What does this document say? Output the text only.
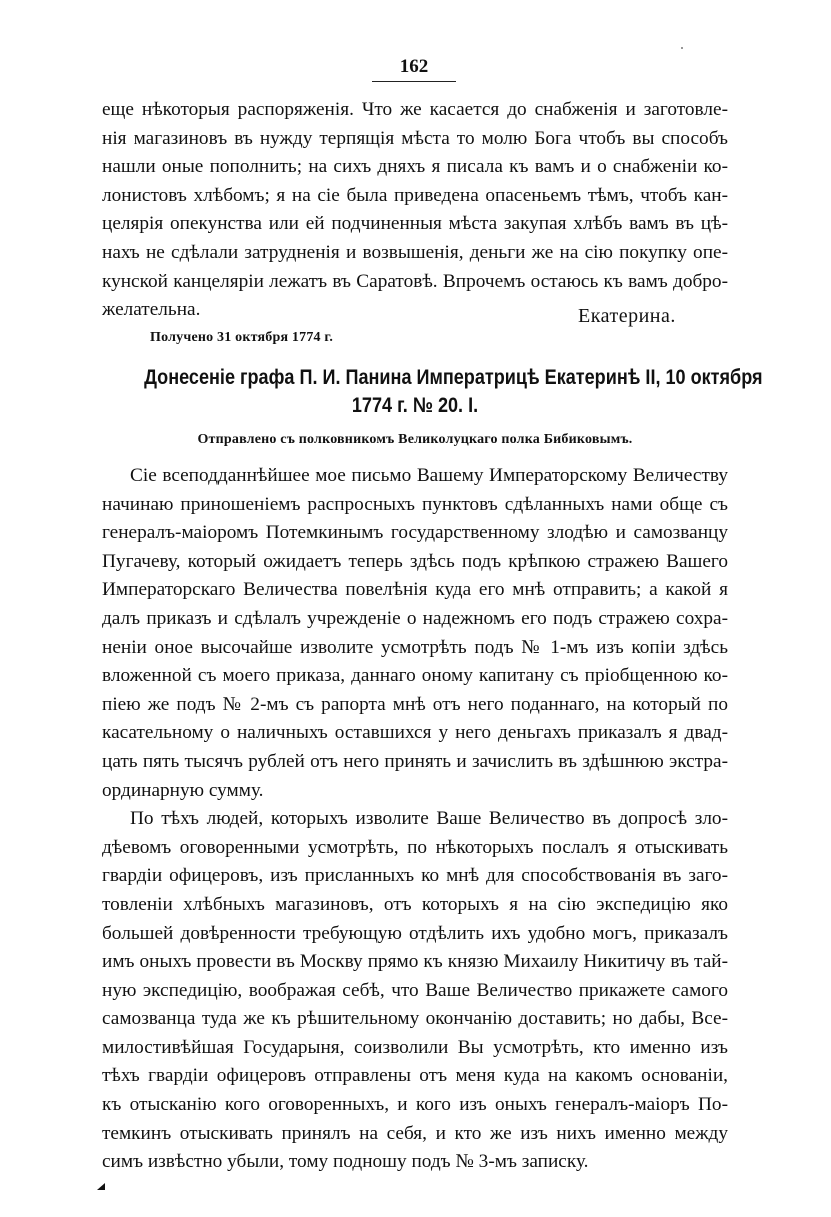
162
еще нѣкоторыя распоряженія. Что же касается до снабженія и заготовле-
нія магазиновъ въ нужду терпящія мѣста то молю Бога чтобъ вы способъ
нашли оные пополнить; на сихъ дняхъ я писала къ вамъ и о снабженіи ко-
лонистовъ хлѣбомъ; я на сіе была приведена опасеньемъ тѣмъ, чтобъ кан-
целярія опекунства или ей подчиненныя мѣста закупая хлѣбъ вамъ въ цѣ-
нахъ не сдѣлали затрудненія и возвышенія, деньги же на сію покупку опе-
кунской канцеляріи лежатъ въ Саратовѣ. Впрочемъ остаюсь къ вамъ добро-
желательна.	Екатерина.
Получено 31 октября 1774 г.
Донесеніе графа П. И. Панина Императрицѣ Екатеринѣ II, 10 октября
1774 г. № 20. I.
Отправлено съ полковникомъ Великолуцкаго полка Бибиковымъ.
Сіе всеподданнѣйшее мое письмо Вашему Императорскому Величеству
начинаю приношеніемъ распросныхъ пунктовъ сдѣланныхъ нами обще съ
генералъ-маіоромъ Потемкинымъ государственному злодѣю и самозванцу
Пугачеву, который ожидаетъ теперь здѣсь подъ крѣпкою стражею Вашего
Императорскаго Величества повелѣнія куда его мнѣ отправить; а какой я
далъ приказъ и сдѣлалъ учрежденіе о надежномъ его подъ стражею сохра-
неніи оное высочайше изволите усмотрѣть подъ № 1-мъ изъ копіи здѣсь
вложенной съ моего приказа, даннаго оному капитану съ пріобщенною ко-
піею же подъ № 2-мъ съ рапорта мнѣ отъ него поданнаго, на который по
касательному о наличныхъ оставшихся у него деньгахъ приказалъ я двад-
цать пять тысячъ рублей отъ него принять и зачислить въ здѣшнюю экстра-
ординарную сумму.
По тѣхъ людей, которыхъ изволите Ваше Величество въ допросѣ зло-
дѣевомъ оговоренными усмотрѣть, по нѣкоторыхъ послалъ я отыскивать
гвардіи офицеровъ, изъ присланныхъ ко мнѣ для способствованія въ заго-
товленіи хлѣбныхъ магазиновъ, отъ которыхъ я на сію экспедицію яко
большей довѣренности требующую отдѣлить ихъ удобно могъ, приказалъ
имъ оныхъ провести въ Москву прямо къ князю Михаилу Никитичу въ тай-
ную экспедицію, воображая себѣ, что Ваше Величество прикажете самого
самозванца туда же къ рѣшительному окончанію доставить; но дабы, Все-
милостивѣйшая Государыня, соизволили Вы усмотрѣть, кто именно изъ
тѣхъ гвардіи офицеровъ отправлены отъ меня куда на какомъ основаніи,
къ отысканію кого оговоренныхъ, и кого изъ оныхъ генералъ-маіоръ По-
темкинъ отыскивать принялъ на себя, и кто же изъ нихъ именно между
симъ извѣстно убыли, тому подношу подъ № 3-мъ записку.
